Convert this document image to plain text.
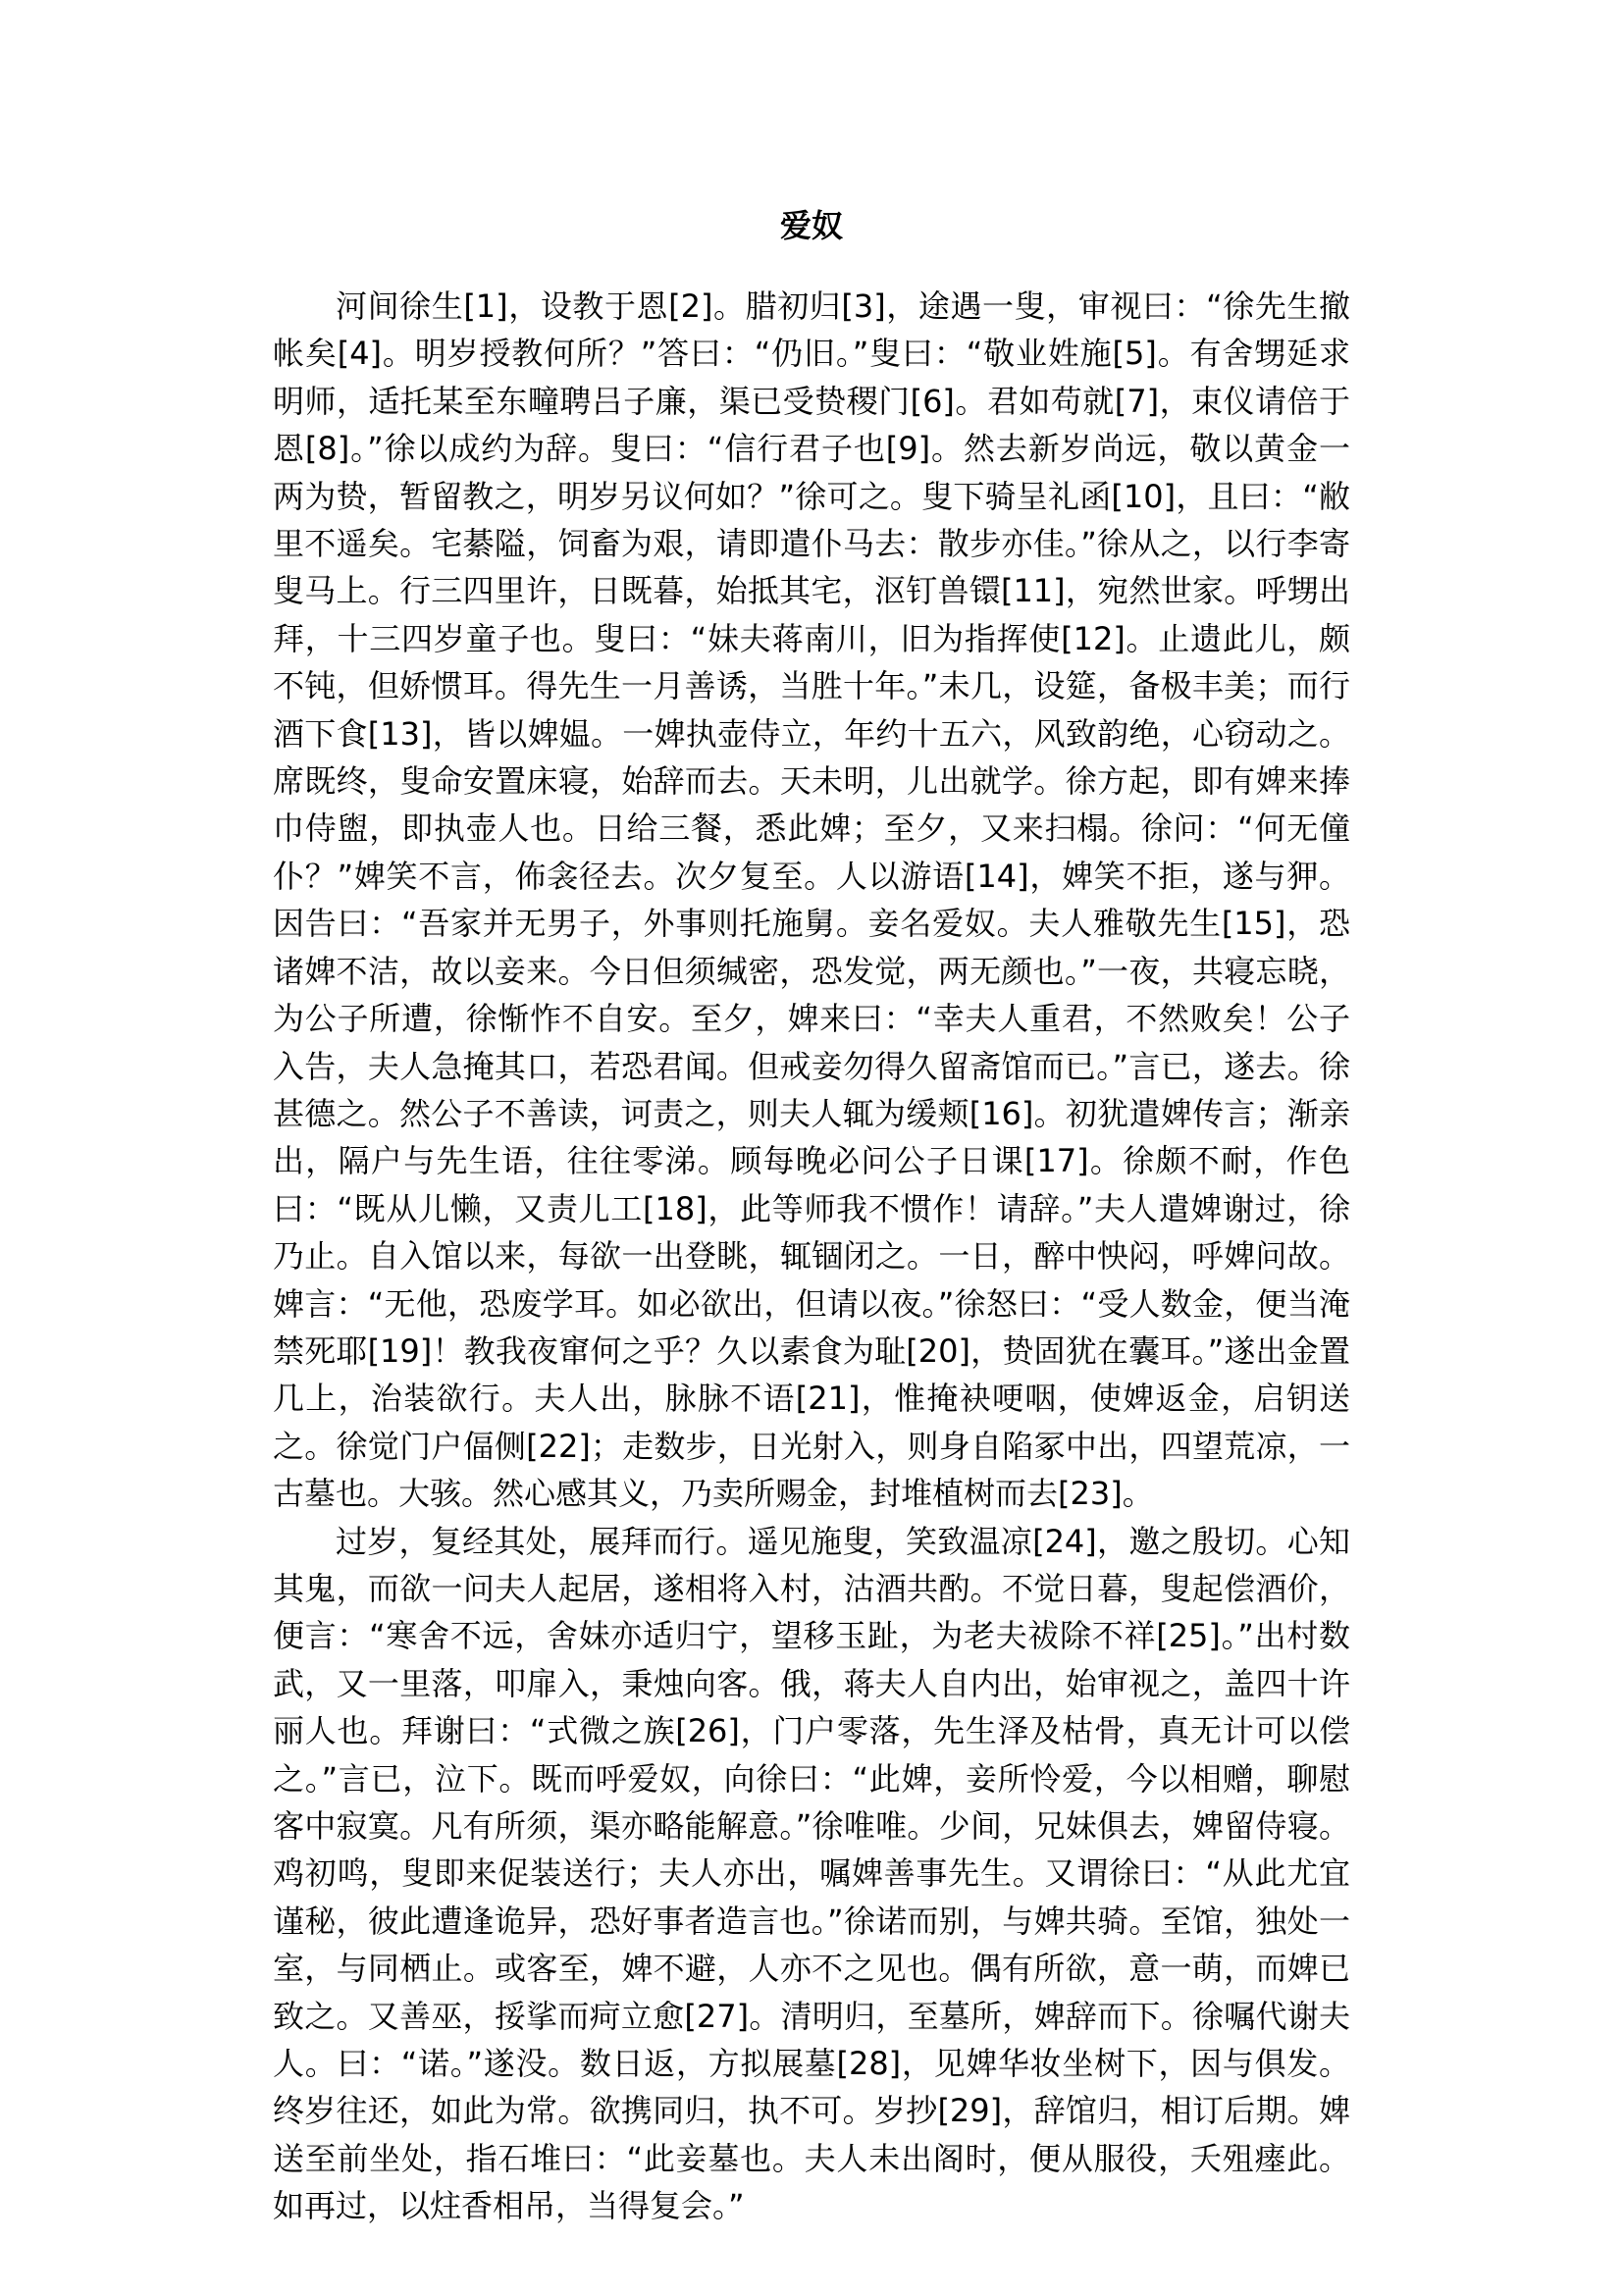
爱奴

河间徐生[1]，设教于恩[2]。腊初归[3]，途遇一叟，审视曰：“徐先生撤帐矣[4]。明岁授教何所？”答曰：“仍旧。”叟曰：“敬业姓施[5]。有舍甥延求明师，适托某至东疃聘吕子廉，渠已受贽稷门[6]。君如苟就[7]，束仪请倍于恩[8]。”徐以成约为辞。叟曰：“信行君子也[9]。然去新岁尚远，敬以黄金一两为贽，暂留教之，明岁另议何如？”徐可之。叟下骑呈礼函[10]，且曰：“敝里不遥矣。宅綦隘，饲畜为艰，请即遣仆马去：散步亦佳。”徐从之，以行李寄叟马上。行三四里许，日既暮，始抵其宅，沤钉兽镮[11]，宛然世家。呼甥出拜，十三四岁童子也。叟曰：“妹夫蒋南川，旧为指挥使[12]。止遗此儿，颇不钝，但娇惯耳。得先生一月善诱，当胜十年。”未几，设筵，备极丰美；而行酒下食[13]，皆以婢媪。一婢执壶侍立，年约十五六，风致韵绝，心窃动之。席既终，叟命安置床寝，始辞而去。天未明，儿出就学。徐方起，即有婢来捧巾侍盥，即执壶人也。日给三餐，悉此婢；至夕，又来扫榻。徐问：“何无僮仆？”婢笑不言，佈衾径去。次夕复至。人以游语[14]，婢笑不拒，遂与狎。因告曰：“吾家并无男子，外事则托施舅。妾名爱奴。夫人雅敬先生[15]，恐诸婢不洁，故以妾来。今日但须缄密，恐发觉，两无颜也。”一夜，共寝忘晓，为公子所遭，徐惭怍不自安。至夕，婢来曰：“幸夫人重君，不然败矣！公子入告，夫人急掩其口，若恐君闻。但戒妾勿得久留斋馆而已。”言已，遂去。徐甚德之。然公子不善读，诃责之，则夫人辄为缓颊[16]。初犹遣婢传言；渐亲出，隔户与先生语，往往零涕。顾每晚必问公子日课[17]。徐颇不耐，作色曰：“既从儿懒，又责儿工[18]，此等师我不惯作！请辞。”夫人遣婢谢过，徐乃止。自入馆以来，每欲一出登眺，辄锢闭之。一日，醉中怏闷，呼婢问故。婢言：“无他，恐废学耳。如必欲出，但请以夜。”徐怒曰：“受人数金，便当淹禁死耶[19]！教我夜窜何之乎？久以素食为耻[20]，贽固犹在囊耳。”遂出金置几上，治装欲行。夫人出，脉脉不语[21]，惟掩袂哽咽，使婢返金，启钥送之。徐觉门户偪侧[22]；走数步，日光射入，则身自陷冢中出，四望荒凉，一古墓也。大骇。然心感其义，乃卖所赐金，封堆植树而去[23]。

过岁，复经其处，展拜而行。遥见施叟，笑致温凉[24]，邀之殷切。心知其鬼，而欲一问夫人起居，遂相将入村，沽酒共酌。不觉日暮，叟起偿酒价，便言：“寒舍不远，舍妹亦适归宁，望移玉趾，为老夫祓除不祥[25]。”出村数武，又一里落，叩扉入，秉烛向客。俄，蒋夫人自内出，始审视之，盖四十许丽人也。拜谢曰：“式微之族[26]，门户零落，先生泽及枯骨，真无计可以偿之。”言已，泣下。既而呼爱奴，向徐曰：“此婢，妾所怜爱，今以相赠，聊慰客中寂寞。凡有所须，渠亦略能解意。”徐唯唯。少间，兄妹俱去，婢留侍寝。鸡初鸣，叟即来促装送行；夫人亦出，嘱婢善事先生。又谓徐曰：“从此尤宜谨秘，彼此遭逢诡异，恐好事者造言也。”徐诺而别，与婢共骑。至馆，独处一室，与同栖止。或客至，婢不避，人亦不之见也。偶有所欲，意一萌，而婢已致之。又善巫，挼挲而疴立愈[27]。清明归，至墓所，婢辞而下。徐嘱代谢夫人。曰：“诺。”遂没。数日返，方拟展墓[28]，见婢华妆坐树下，因与俱发。终岁往还，如此为常。欲携同归，执不可。岁抄[29]，辞馆归，相订后期。婢送至前坐处，指石堆曰：“此妾墓也。夫人未出阁时，便从服役，夭殂瘗此。如再过，以炷香相吊，当得复会。”
